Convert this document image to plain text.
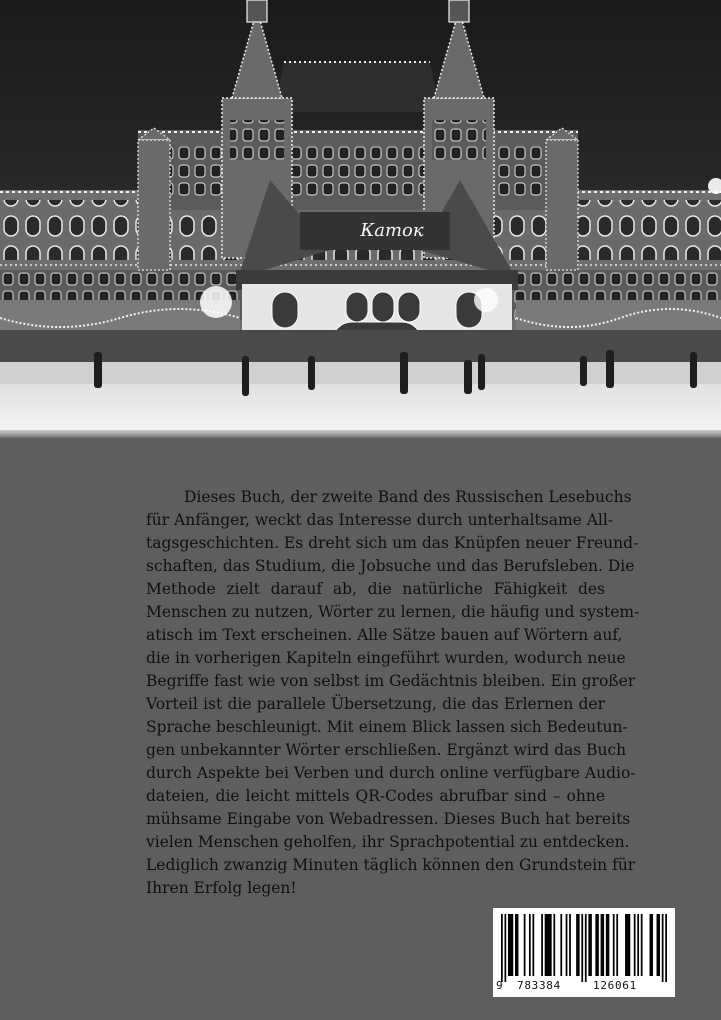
Каток
Dieses Buch, der zweite Band des Russischen Lesebuchs
für Anfänger, weckt das Interesse durch unterhaltsame All-
tagsgeschichten. Es dreht sich um das Knüpfen neuer Freund-
schaften, das Studium, die Jobsuche und das Berufsleben. Die
Methode zielt darauf ab, die natürliche Fähigkeit des
Menschen zu nutzen, Wörter zu lernen, die häufig und system-
atisch im Text erscheinen. Alle Sätze bauen auf Wörtern auf,
die in vorherigen Kapiteln eingeführt wurden, wodurch neue
Begriffe fast wie von selbst im Gedächtnis bleiben. Ein großer
Vorteil ist die parallele Übersetzung, die das Erlernen der
Sprache beschleunigt. Mit einem Blick lassen sich Bedeutun-
gen unbekannter Wörter erschließen. Ergänzt wird das Buch
durch Aspekte bei Verben und durch online verfügbare Audio-
dateien, die leicht mittels QR-Codes abrufbar sind – ohne
mühsame Eingabe von Webadressen. Dieses Buch hat bereits
vielen Menschen geholfen, ihr Sprachpotential zu entdecken.
Lediglich zwanzig Minuten täglich können den Grundstein für
Ihren Erfolg legen!
9 783384	126061
